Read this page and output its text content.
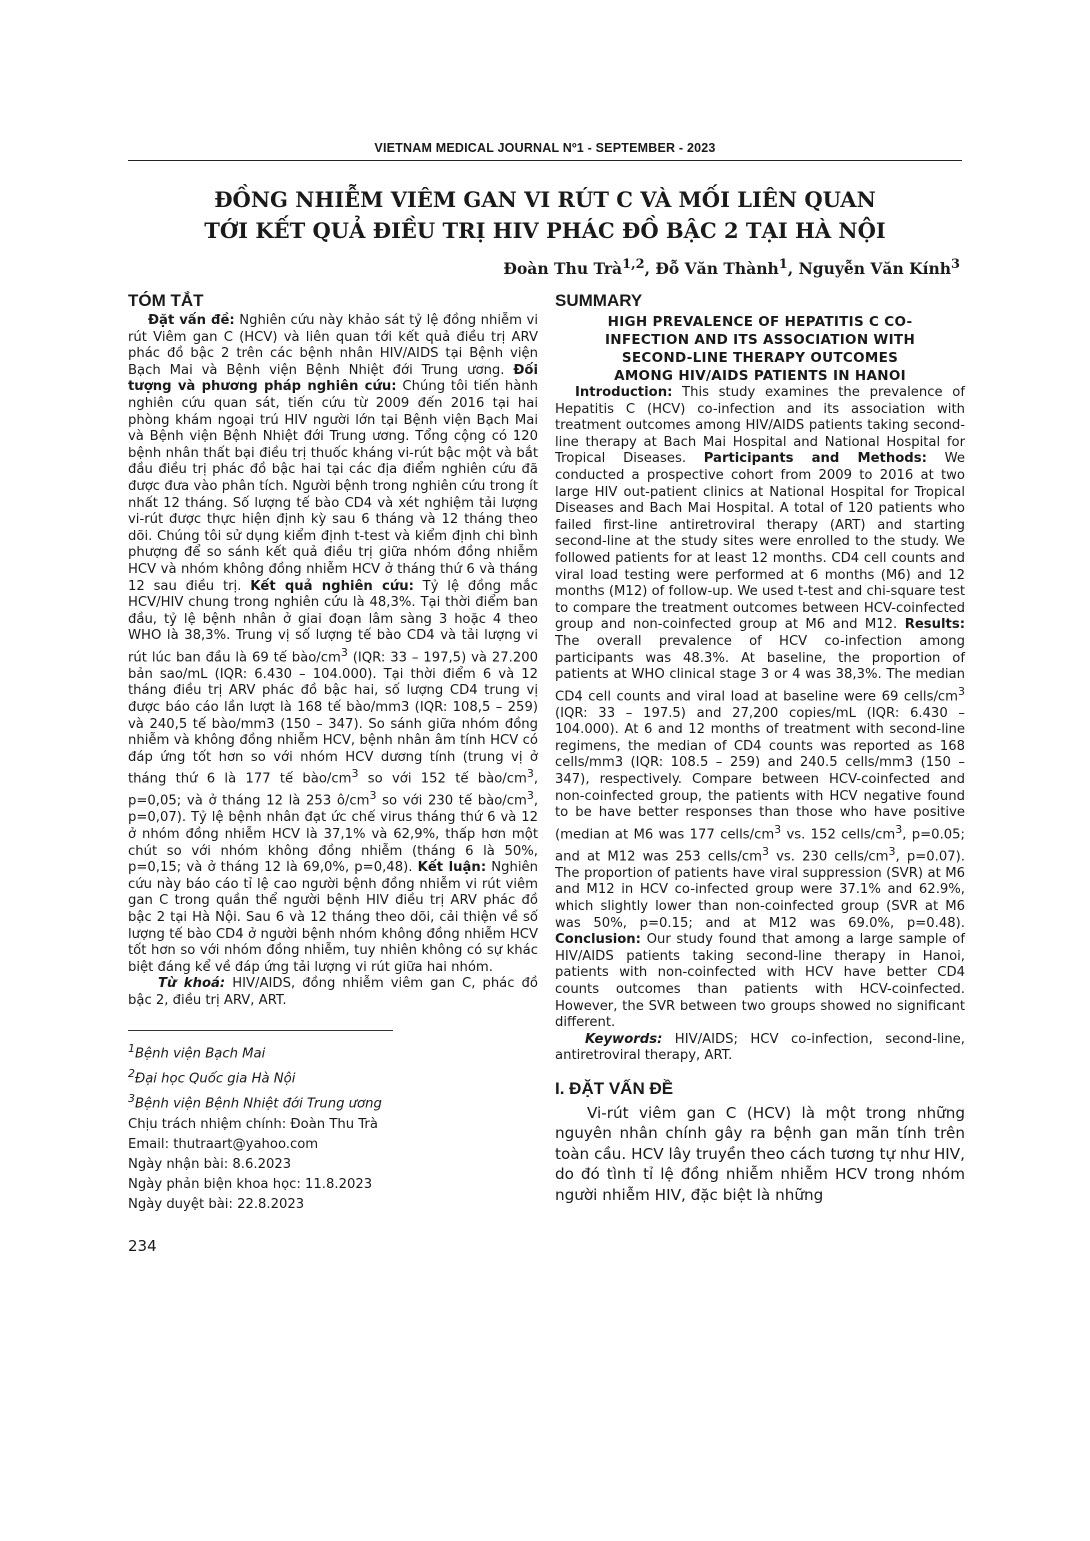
VIETNAM MEDICAL JOURNAL Nº1 - SEPTEMBER - 2023
ĐỒNG NHIỄM VIÊM GAN VI RÚT C VÀ MỐI LIÊN QUAN
TỚI KẾT QUẢ ĐIỀU TRỊ HIV PHÁC ĐỒ BẬC 2 TẠI HÀ NỘI
Đoàn Thu Trà$^{1,2}$, Đỗ Văn Thành$^1$, Nguyễn Văn Kính$^3$
TÓM TẮT

Đặt vấn đề: Nghiên cứu này khảo sát tỷ lệ đồng nhiễm vi rút Viêm gan C (HCV) và liên quan tới kết quả điều trị ARV phác đồ bậc 2 trên các bệnh nhân HIV/AIDS tại Bệnh viện Bạch Mai và Bệnh viện Bệnh Nhiệt đới Trung ương. Đối tượng và phương pháp nghiên cứu: Chúng tôi tiến hành nghiên cứu quan sát, tiến cứu từ 2009 đến 2016 tại hai phòng khám ngoại trú HIV người lớn tại Bệnh viện Bạch Mai và Bệnh viện Bệnh Nhiệt đới Trung ương. Tổng cộng có 120 bệnh nhân thất bại điều trị thuốc kháng vi-rút bậc một và bắt đầu điều trị phác đồ bậc hai tại các địa điểm nghiên cứu đã được đưa vào phân tích. Người bệnh trong nghiên cứu trong ít nhất 12 tháng. Số lượng tế bào CD4 và xét nghiệm tải lượng vi-rút được thực hiện định kỳ sau 6 tháng và 12 tháng theo dõi. Chúng tôi sử dụng kiểm định t-test và kiểm định chi bình phượng để so sánh kết quả điều trị giữa nhóm đồng nhiễm HCV và nhóm không đồng nhiễm HCV ở tháng thứ 6 và tháng 12 sau điều trị. Kết quả nghiên cứu: Tỷ lệ đồng mắc HCV/HIV chung trong nghiên cứu là 48,3%. Tại thời điểm ban đầu, tỷ lệ bệnh nhân ở giai đoạn lâm sàng 3 hoặc 4 theo WHO là 38,3%. Trung vị số lượng tế bào CD4 và tải lượng vi rút lúc ban đầu là 69 tế bào/$cm^3$ (IQR: 33 – 197,5) và 27.200 bản sao/mL (IQR: 6.430 – 104.000). Tại thời điểm 6 và 12 tháng điều trị ARV phác đồ bậc hai, số lượng CD4 trung vị được báo cáo lần lượt là 168 tế bào/mm3 (IQR: 108,5 – 259) và 240,5 tế bào/mm3 (150 – 347). So sánh giữa nhóm đồng nhiễm và không đồng nhiễm HCV, bệnh nhân âm tính HCV có đáp ứng tốt hơn so với nhóm HCV dương tính (trung vị ở tháng thứ 6 là 177 tế bào/$cm^3$ so với 152 tế bào/$cm^3$, p=0,05; và ở tháng 12 là 253 $ô/cm^3$ so với 230 tế bào/$cm^3$, p=0,07). Tỷ lệ bệnh nhân đạt ức chế virus tháng thứ 6 và 12 ở nhóm đồng nhiễm HCV là 37,1% và 62,9%, thấp hơn một chút so với nhóm không đồng nhiễm (tháng 6 là 50%, p=0,15; và ở tháng 12 là 69,0%, p=0,48). Kết luận: Nghiên cứu này báo cáo tỉ lệ cao người bệnh đồng nhiễm vi rút viêm gan C trong quần thể người bệnh HIV điều trị ARV phác đồ bậc 2 tại Hà Nội. Sau 6 và 12 tháng theo dõi, cải thiện về số lượng tế bào CD4 ở người bệnh nhóm không đồng nhiễm HCV tốt hơn so với nhóm đồng nhiễm, tuy nhiên không có sự khác biệt đáng kể về đáp ứng tải lượng vi rút giữa hai nhóm.

Từ khoá: HIV/AIDS, đồng nhiễm viêm gan C, phác đồ bậc 2, điều trị ARV, ART.

$^1$Bệnh viện Bạch Mai

$^2$Đại học Quốc gia Hà Nội

$^3$Bệnh viện Bệnh Nhiệt đới Trung ương

Chịu trách nhiệm chính: Đoàn Thu Trà

Email: thutraart@yahoo.com

Ngày nhận bài: 8.6.2023

Ngày phản biện khoa học: 11.8.2023

Ngày duyệt bài: 22.8.2023

234
SUMMARY

HIGH PREVALENCE OF HEPATITIS C CO-

INFECTION AND ITS ASSOCIATION WITH

SECOND-LINE THERAPY OUTCOMES

AMONG HIV/AIDS PATIENTS IN HANOI

Introduction: This study examines the prevalence of Hepatitis C (HCV) co-infection and its association with treatment outcomes among HIV/AIDS patients taking second-line therapy at Bach Mai Hospital and National Hospital for Tropical Diseases. Participants and Methods: We conducted a prospective cohort from 2009 to 2016 at two large HIV out-patient clinics at National Hospital for Tropical Diseases and Bach Mai Hospital. A total of 120 patients who failed first-line antiretroviral therapy (ART) and starting second-line at the study sites were enrolled to the study. We followed patients for at least 12 months. CD4 cell counts and viral load testing were performed at 6 months (M6) and 12 months (M12) of follow-up. We used t-test and chi-square test to compare the treatment outcomes between HCV-coinfected group and non-coinfected group at M6 and M12. Results: The overall prevalence of HCV co-infection among participants was 48.3%. At baseline, the proportion of patients at WHO clinical stage 3 or 4 was 38,3%. The median CD4 cell counts and viral load at baseline were 69 cells/$cm^3$ (IQR: 33 – 197.5) and 27,200 copies/mL (IQR: 6.430 – 104.000). At 6 and 12 months of treatment with second-line regimens, the median of CD4 counts was reported as 168 cells/mm3 (IQR: 108.5 – 259) and 240.5 cells/mm3 (150 – 347), respectively. Compare between HCV-coinfected and non-coinfected group, the patients with HCV negative found to be have better responses than those who have positive (median at M6 was 177 cells/$cm^3$ vs. 152 cells/$cm^3$, p=0.05; and at M12 was 253 cells/$cm^3$ vs. 230 cells/$cm^3$, p=0.07). The proportion of patients have viral suppression (SVR) at M6 and M12 in HCV co-infected group were 37.1% and 62.9%, which slightly lower than non-coinfected group (SVR at M6 was 50%, p=0.15; and at M12 was 69.0%, p=0.48). Conclusion: Our study found that among a large sample of HIV/AIDS patients taking second-line therapy in Hanoi, patients with non-coinfected with HCV have better CD4 counts outcomes than patients with HCV-coinfected. However, the SVR between two groups showed no significant different.

Keywords: HIV/AIDS; HCV co-infection, second-line, antiretroviral therapy, ART.

I. ĐẶT VẤN ĐỀ

Vi-rút viêm gan C (HCV) là một trong những nguyên nhân chính gây ra bệnh gan mãn tính trên toàn cầu. HCV lây truyền theo cách tương tự như HIV, do đó tình tỉ lệ đồng nhiễm nhiễm HCV trong nhóm người nhiễm HIV, đặc biệt là những
